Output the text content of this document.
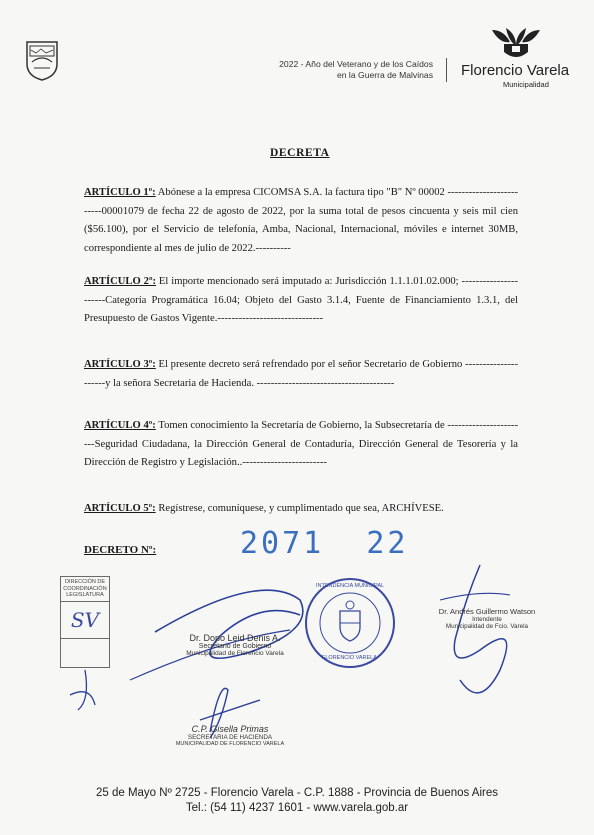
2022 - Año del Veterano y de los Caídos
en la Guerra de Malvinas Florencio Varela
Municipalidad
DECRETA
ARTÍCULO 1º: Abónese a la empresa CICOMSA S.A. la factura tipo "B" Nº 00002 -------------------------00001079 de fecha 22 de agosto de 2022, por la suma total de pesos cincuenta y seis mil cien ($56.100), por el Servicio de telefonía, Amba, Nacional, Internacional, móviles e internet 30MB, correspondiente al mes de julio de 2022.----------
ARTÍCULO 2º: El importe mencionado será imputado a: Jurisdicción 1.1.1.01.02.000; ----------------------Categoría Programática 16.04; Objeto del Gasto 3.1.4, Fuente de Financiamiento 1.3.1, del Presupuesto de Gastos Vigente.------------------------------
ARTÍCULO 3º: El presente decreto será refrendado por el señor Secretario de Gobierno ---------------------y la señora Secretaria de Hacienda. ---------------------------------------
ARTÍCULO 4º: Tomen conocimiento la Secretaría de Gobierno, la Subsecretaría de -----------------------Seguridad Ciudadana, la Dirección General de Contaduría, Dirección General de Tesorería y la Dirección de Registro y Legislación..------------------------
ARTÍCULO 5º: Regístrese, comuníquese, y cumplimentado que sea, ARCHÍVESE.
DECRETO Nº:	2071  22
DIRECCIÓN DE
COORDINACIÓN
LEGISLATURA
SV
INTENDENCIA MUNICIPAL
FLORENCIO VARELA
Dr. Dopo Leid Denis A.
Secretario de Gobierno
Municipalidad de Florencio Varela
Dr. Andrés Guillermo Watson
Intendente
Municipalidad de Fcio. Varela
C.P. Gisella Primas
SECRETARIA DE HACIENDA
MUNICIPALIDAD DE FLORENCIO VARELA
25 de Mayo Nº 2725 - Florencio Varela - C.P. 1888 - Provincia de Buenos Aires
Tel.: (54 11) 4237 1601 - www.varela.gob.ar
